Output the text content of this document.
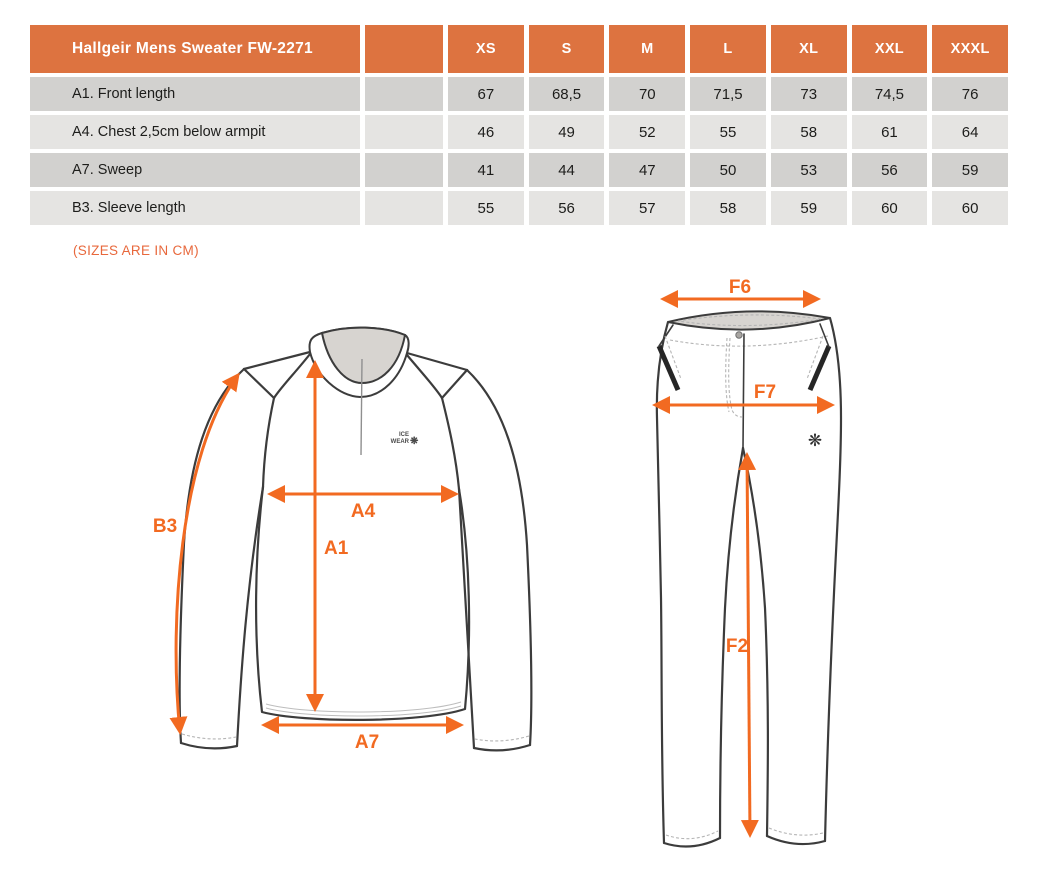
Hallgeir Mens Sweater FW-2271	XS	S	M	L	XL	XXL	XXXL
A1. Front length	67	68,5	70	71,5	73	74,5	76
A4. Chest 2,5cm below armpit	46	49	52	55	58	61	64
A7. Sweep	41	44	47	50	53	56	59
B3. Sleeve length	55	56	57	58	59	60	60
(SIZES ARE IN CM)
ICE
WEAR ❋
B3
A4
A1
A7
❋
F6
F7
F2
